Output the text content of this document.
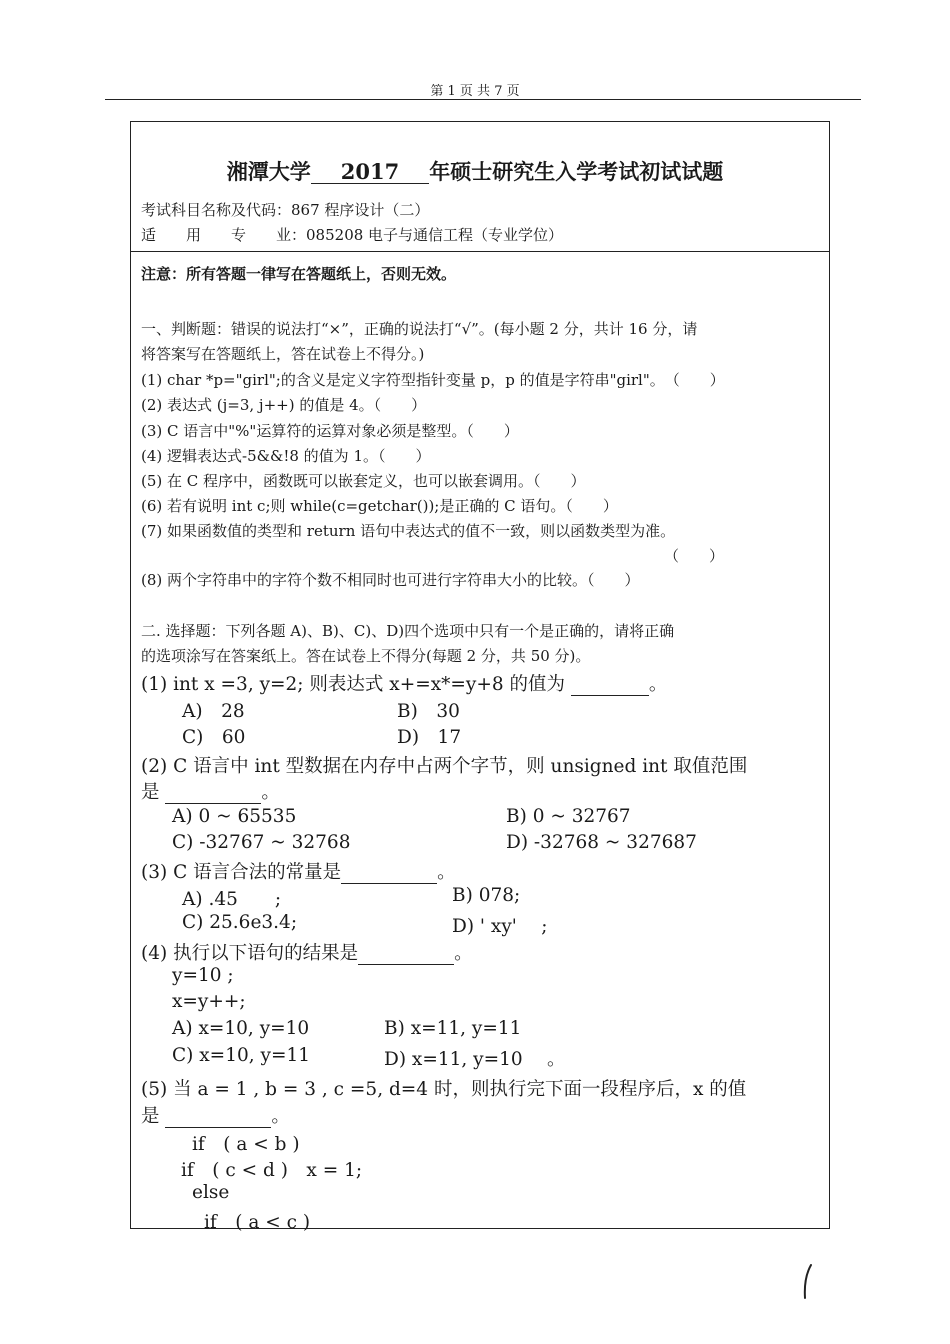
第 1 页 共 7 页
湘潭大学 2017 年硕士研究生入学考试初试试题
考试科目名称及代码：867 程序设计（二）
适　　用　　专　　业：085208 电子与通信工程（专业学位）
注意：所有答题一律写在答题纸上，否则无效。
一、判断题：错误的说法打“×”，正确的说法打“√”。(每小题 2 分，共计 16 分，请
将答案写在答题纸上，答在试卷上不得分。)
(1) char *p="girl";的含义是定义字符型指针变量 p，p 的值是字符串"girl"。　（　　）
(2) 表达式 (j=3, j++) 的值是 4。（　　）
(3) C 语言中"%"运算符的运算对象必须是整型。（　　）
(4) 逻辑表达式-5&&!8 的值为 1。（　　）
(5) 在 C 程序中，函数既可以嵌套定义，也可以嵌套调用。（　　）
(6) 若有说明 int c;则 while(c=getchar());是正确的 C 语句。（　　）
(7) 如果函数值的类型和 return 语句中表达式的值不一致，则以函数类型为准。
（　　）
(8) 两个字符串中的字符个数不相同时也可进行字符串大小的比较。（　　）
二. 选择题：下列各题 A)、B)、C)、D)四个选项中只有一个是正确的，请将正确
的选项涂写在答案纸上。答在试卷上不得分(每题 2 分，共 50 分)。
(1) int x =3, y=2; 则表达式 x+=x*=y+8 的值为	。
A)　28	B)　30
C)　60	D)　17
(2) C 语言中 int 型数据在内存中占两个字节，则 unsigned int 取值范围
是	。
A) 0 ~ 65535	B) 0 ~ 32767
C) -32767 ~ 32768	D) -32768 ~ 327687
(3) C 语言合法的常量是	。
A) .45　　;	B) 078;
C) 25.6e3.4;	D) ' xy'　 ;
(4) 执行以下语句的结果是	。
y=10 ;
x=y++;
A) x=10, y=10	B) x=11, y=11
C) x=10, y=11	D) x=11, y=10　 。
(5) 当 a = 1 , b = 3 , c =5, d=4 时，则执行完下面一段程序后，x 的值
是	。
if　( a < b )
if　( c < d )　x = 1;
else
if　( a < c )
